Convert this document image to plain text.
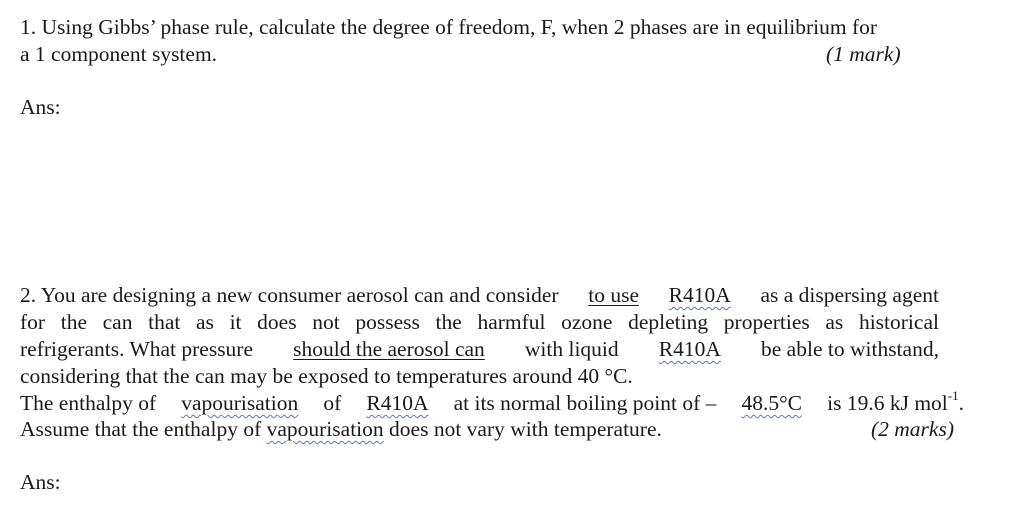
1. Using Gibbs’ phase rule, calculate the degree of freedom, F, when 2 phases are in equilibrium for
a 1 component system.	(1 mark)
Ans:
2. You are designing a new consumer aerosol can and consider to use R410A as a dispersing agent
for the can that as it does not possess the harmful ozone depleting properties as historical
refrigerants. What pressure should the aerosol can with liquid R410A be able to withstand,
considering that the can may be exposed to temperatures around 40 °C.
The enthalpy of vapourisation of R410A at its normal boiling point of – 48.5°C is 19.6 kJ mol$^{-1}$.
Assume that the enthalpy of vapourisation does not vary with temperature.	(2 marks)
Ans:
